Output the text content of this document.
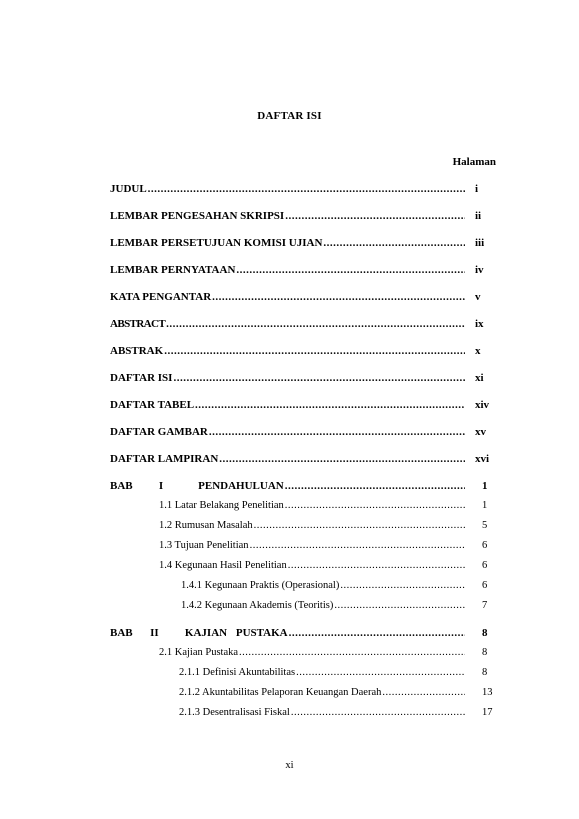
DAFTAR ISI
Halaman
JUDUL .....	i
LEMBAR PENGESAHAN SKRIPSI .....	ii
LEMBAR PERSETUJUAN KOMISI UJIAN .....	iii
LEMBAR PERNYATAAN .....	iv
KATA PENGANTAR .....	v
ABSTRACT .....	ix
ABSTRAK .....	x
DAFTAR ISI .....	xi
DAFTAR TABEL .....	xiv
DAFTAR GAMBAR .....	xv
DAFTAR LAMPIRAN .....	xvi
BAB   I    PENDAHULUAN .....	1
1.1 Latar Belakang Penelitian .....	1
1.2 Rumusan Masalah .....	5
1.3 Tujuan Penelitian .....	6
1.4 Kegunaan Hasil Penelitian .....	6
1.4.1 Kegunaan Praktis (Operasional) .....	6
1.4.2 Kegunaan Akademis (Teoritis) .....	7
BAB  II   KAJIAN PUSTAKA .....	8
2.1 Kajian Pustaka .....	8
2.1.1 Definisi Akuntabilitas .....	8
2.1.2 Akuntabilitas Pelaporan Keuangan Daerah .....	13
2.1.3 Desentralisasi Fiskal .....	17
xi
